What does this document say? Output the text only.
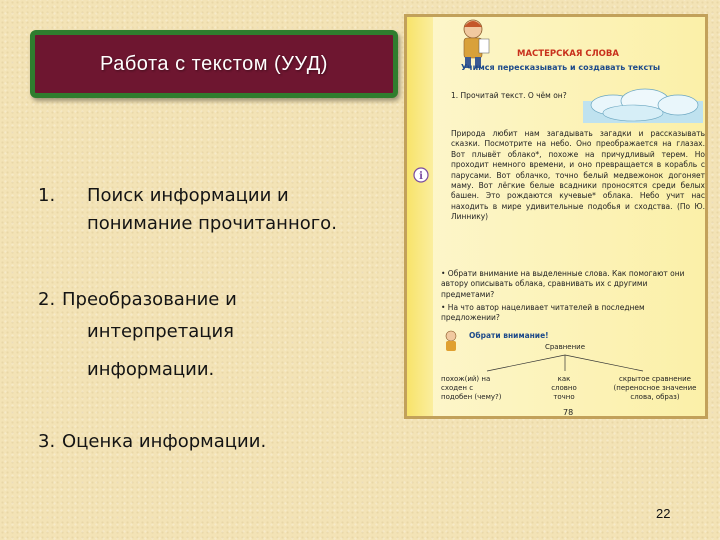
Работа с текстом (УУД)
1. Поиск информации и
понимание прочитанного.
2. Преобразование и
интерпретация
информации.
3. Оценка информации.
МАСТЕРСКАЯ СЛОВА
Учимся пересказывать и создавать тексты
1. Прочитай текст. О чём он?
Природа любит нам загадывать загадки и рассказывать сказки. Посмотрите на небо. Оно преображается на глазах. Вот плывёт облако*, похоже на причудливый терем. Но проходит немного времени, и оно превращается в корабль с парусами. Вот облачко, точно белый медвежонок догоняет маму. Вот лёгкие белые всадники проносятся среди белых башен. Это рождаются кучевые* облака. Небо учит нас находить в мире удивительные подобья и сходства. (По Ю. Линнику)
i
• Обрати внимание на выделенные слова. Как помогают они автору описывать облака, сравнивать их с другими предметами?
• На что автор нацеливает читателей в последнем предложении?
Обрати внимание!
Сравнение
похож(ий) на
сходен с
подобен (чему?)
как
словно
точно
скрытое сравнение
(переносное значение
слова, образ)
78
22
